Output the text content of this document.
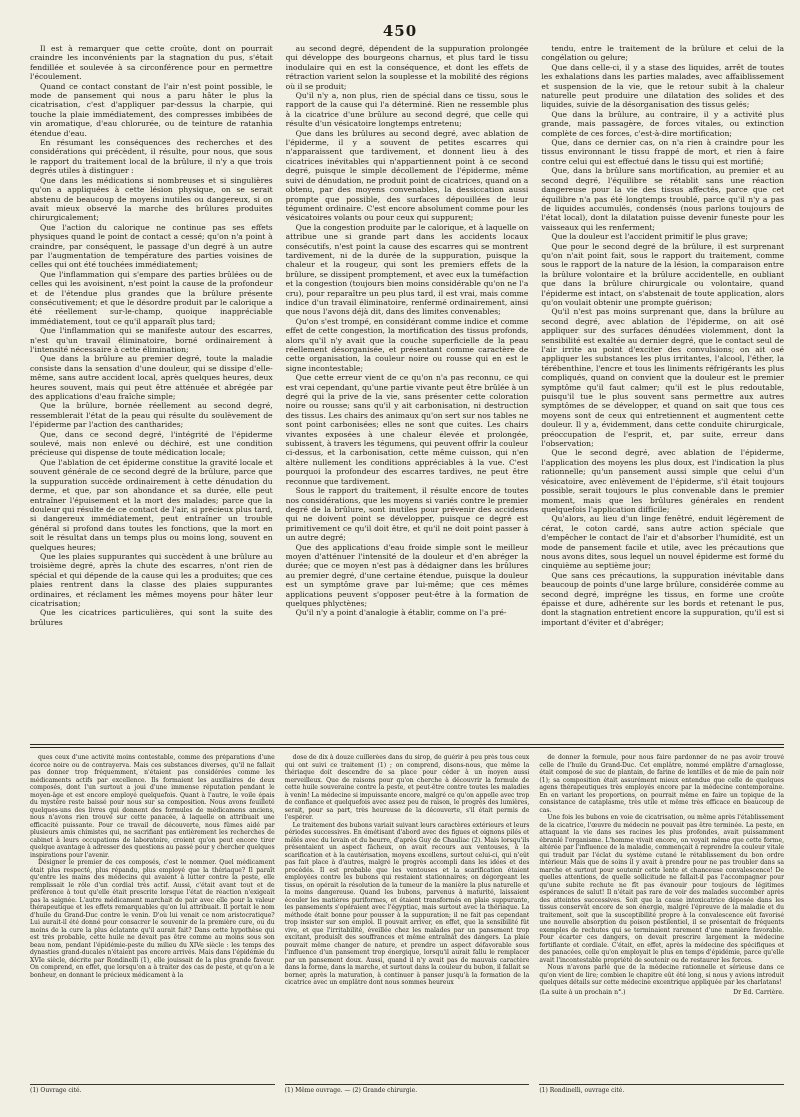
450

Il est à remarquer que cette croûte, dont on pourrait craindre les inconvénients par la stagnation du pus, s'était fendillée et soulevée à sa circonférence pour en permettre l'écoulement.

Quand ce contact constant de l'air n'est point possible, le mode de pansement qui nous a paru hâter le plus la cicatrisation, c'est d'appliquer par-dessus la charpie, qui touche la plaie immédiatement, des compresses imbibées de vin aromatique, d'eau chlorurée, ou de teinture de ratanhia étendue d'eau.

En résumant les conséquences des recherches et des considérations qui précèdent, il résulte, pour nous, que sous le rapport du traitement local de la brûlure, il n'y a que trois degrés utiles à distinguer :

Que dans les médications si nombreuses et si singulières qu'on a appliquées à cette lésion physique, on se serait abstenu de beaucoup de moyens inutiles ou dangereux, si on avait mieux observé la marche des brûlures produites chirurgicalement;

Que l'action du calorique ne continue pas ses effets physiques quand le point de contact a cessé; qu'on n'a point à craindre, par conséquent, le passage d'un degré à un autre par l'augmentation de température des parties voisines de celles qui ont été touchées immédiatement;

Que l'inflammation qui s'empare des parties brûlées ou de celles qui les avoisinent, n'est point la cause de la profondeur et de l'étendue plus grandes que la brûlure présente consécutivement; et que le désordre produit par le calorique a été réellement sur-le-champ, quoique inappréciable immédiatement, tout ce qu'il apparaît plus tard;

Que l'inflammation qui se manifeste autour des escarres, n'est qu'un travail éliminatoire, borné ordinairement à l'intensité nécessaire à cette élimination;

Que dans la brûlure au premier degré, toute la maladie consiste dans la sensation d'une douleur, qui se dissipe d'elle-même, sans autre accident local, après quelques heures, deux heures souvent, mais qui peut être atténuée et abrégée par des applications d'eau fraîche simple;

Que la brûlure, bornée réellement au second degré, ressemblerait l'état de la peau qui résulte du soulèvement de l'épiderme par l'action des cantharides;

Que, dans ce second degré, l'intégrité de l'épiderme soulevé, mais non enlevé ou déchiré, est une condition précieuse qui dispense de toute médication locale;

Que l'ablation de cet épiderme constitue la gravité locale et souvent générale de ce second degré de la brûlure, parce que la suppuration succède ordinairement à cette dénudation du derme, et que, par son abondance et sa durée, elle peut entraîner l'épuisement et la mort des malades; parce que la douleur qui résulte de ce contact de l'air, si précieux plus tard, si dangereux immédiatement, peut entraîner un trouble général si profond dans toutes les fonctions, que la mort en soit le résultat dans un temps plus ou moins long, souvent en quelques heures;

Que les plaies suppurantes qui succèdent à une brûlure au troisième degré, après la chute des escarres, n'ont rien de spécial et qui dépende de la cause qui les a produites; que ces plaies rentrent dans la classe des plaies suppurantes ordinaires, et réclament les mêmes moyens pour hâter leur cicatrisation;

Que les cicatrices particulières, qui sont la suite des brûlures

au second degré, dépendent de la suppuration prolongée qui développe des bourgeons charnus, et plus tard le tissu inodulaire qui en est la conséquence, et dont les effets de rétraction varient selon la souplesse et la mobilité des régions où il se produit;

Qu'il n'y a, non plus, rien de spécial dans ce tissu, sous le rapport de la cause qui l'a déterminé. Rien ne ressemble plus à la cicatrice d'une brûlure au second degré, que celle qui résulte d'un vésicatoire longtemps entretenu;

Que dans les brûlures au second degré, avec ablation de l'épiderme, il y a souvent de petites escarres qui n'apparaissent que tardivement, et donnent lieu à des cicatrices inévitables qui n'appartiennent point à ce second degré, puisque le simple décollement de l'épiderme, même suivi de dénudation, ne produit point de cicatrices, quand on a obtenu, par des moyens convenables, la dessiccation aussi prompte que possible, des surfaces dépouillées de leur tégument ordinaire. C'est encore absolument comme pour les vésicatoires volants ou pour ceux qui suppurent;

Que la congestion produite par le calorique, et à laquelle on attribue une si grande part dans les accidents locaux consécutifs, n'est point la cause des escarres qui se montrent tardivement, ni de la durée de la suppuration, puisque la chaleur et la rougeur, qui sont les premiers effets de la brûlure, se dissipent promptement, et avec eux la tuméfaction et la congestion (toujours bien moins considérable qu'on ne l'a cru), pour reparaître un peu plus tard, il est vrai, mais comme indice d'un travail éliminatoire, renfermé ordinairement, ainsi que nous l'avons déjà dit, dans des limites convenables;

Qu'on s'est trompé, en considérant comme indice et comme effet de cette congestion, la mortification des tissus profonds, alors qu'il n'y avait que la couche superficielle de la peau réellement désorganisée, et présentant comme caractère de cette organisation, la couleur noire ou rousse qui en est le signe incontestable;

Que cette erreur vient de ce qu'on n'a pas reconnu, ce qui est vrai cependant, qu'une partie vivante peut être brûlée à un degré qui la prive de la vie, sans présenter cette coloration noire ou rousse; sans qu'il y ait carbonisation, ni destruction des tissus. Les chairs des animaux qu'on sert sur nos tables ne sont point carbonisées; elles ne sont que cuites. Les chairs vivantes exposées à une chaleur élevée et prolongée, subissent, à travers les tégumens, qui peuvent offrir la couleur ci-dessus, et la carbonisation, cette même cuisson, qui n'en altère nullement les conditions appréciables à la vue. C'est pourquoi la profondeur des escarres tardives, ne peut être reconnue que tardivement.

Sous le rapport du traitement, il résulte encore de toutes nos considérations, que les moyens si variés contre le premier degré de la brûlure, sont inutiles pour prévenir des accidens qui ne doivent point se développer, puisque ce degré est primitivement ce qu'il doit être, et qu'il ne doit point passer à un autre degré;

Que des applications d'eau froide simple sont le meilleur moyen d'atténuer l'intensité de la douleur et d'en abréger la durée; que ce moyen n'est pas à dédaigner dans les brûlures au premier degré, d'une certaine étendue, puisque la douleur est un symptôme grave par lui-même; que ces mêmes applications peuvent s'opposer peut-être à la formation de quelques phlyctènes;

Qu'il n'y a point d'analogie à établir, comme on l'a pré-

tendu, entre le traitement de la brûlure et celui de la congélation ou gelure;

Que dans celle-ci, il y a stase des liquides, arrêt de toutes les exhalations dans les parties malades, avec affaiblissement et suspension de la vie, que le retour subit à la chaleur naturelle peut produire une dilatation des solides et des liquides, suivie de la désorganisation des tissus gelés;

Que dans la brûlure, au contraire, il y a activité plus grande, mais passagère, de forces vitales, ou extinction complète de ces forces, c'est-à-dire mortification;

Que, dans ce dernier cas, on n'a rien à craindre pour les tissus environnant le tissu frappé de mort, et rien à faire contre celui qui est effectué dans le tissu qui est mortifié;

Que, dans la brûlure sans mortification, au premier et au second degré, l'équilibre se rétablit sans une réaction dangereuse pour la vie des tissus affectés, parce que cet équilibre n'a pas été longtemps troublé, parce qu'il n'y a pas de liquides accumulés, condensés (nous parlons toujours de l'état local), dont la dilatation puisse devenir funeste pour les vaisseaux qui les renferment;

Que la douleur est l'accident primitif le plus grave;

Que pour le second degré de la brûlure, il est surprenant qu'on n'ait point fait, sous le rapport du traitement, comme sous le rapport de la nature de la lésion, la comparaison entre la brûlure volontaire et la brûlure accidentelle, en oubliant que dans la brûlure chirurgicale ou volontaire, quand l'épiderme est intact, on s'abstenait de toute application, alors qu'on voulait obtenir une prompte guérison;

Qu'il n'est pas moins surprenant que, dans la brûlure au second degré, avec ablation de l'épiderme, on ait osé appliquer sur des surfaces dénudées violemment, dont la sensibilité est exaltée au dernier degré, que le contact seul de l'air irrite au point d'exciter des convulsions; on ait osé appliquer les substances les plus irritantes, l'alcool, l'éther, la térébenthine, l'encre et tous les liniments réfrigérants les plus compliqués, quand on convient que la douleur est le premier symptôme qu'il faut calmer; qu'il est le plus redoutable, puisqu'il tue le plus souvent sans permettre aux autres symptômes de se développer, et quand on sait que tous ces moyens sont de ceux qui entretiennent et augmentent cette douleur. Il y a, évidemment, dans cette conduite chirurgicale, préoccupation de l'esprit, et, par suite, erreur dans l'observation;

Que le second degré, avec ablation de l'épiderme, l'application des moyens les plus doux, est l'indication la plus rationnelle; qu'un pansement aussi simple que celui d'un vésicatoire, avec enlèvement de l'épiderme, s'il était toujours possible, serait toujours le plus convenable dans le premier moment, mais que les brûlures générales en rendent quelquefois l'application difficile;

Qu'alors, au lieu d'un linge fenêtré, enduit légèrement de cérat, le coton cardé, sans autre action spéciale que d'empêcher le contact de l'air et d'absorber l'humidité, est un mode de pansement facile et utile, avec les précautions que nous avons dites, sous lequel un nouvel épiderme est formé du cinquième au septième jour;

Que sans ces précautions, la suppuration inévitable dans beaucoup de points d'une large brûlure, considérée comme au second degré, imprégne les tissus, en forme une croûte épaisse et dure, adhérente sur les bords et retenant le pus, dont la stagnation entretient encore la suppuration, qu'il est si important d'éviter et d'abréger;

ques ceux d'une activité moins contestable, comme des préparations d'une écorce noire ou de contrayerva. Mais ces substances diverses, qu'il ne fallait pas donner trop fréquemment, n'étaient pas considérées comme les médicaments actifs par excellence. Ils formaient les auxiliaires de deux composés, dont l'un surtout a joui d'une immense réputation pendant le moyen-âge et est encore employé quelquefois. Quant à l'autre, le voile épais du mystère reste baissé pour nous sur sa composition. Nous avons feuilleté quelques-uns des livres qui donnent des formules de médicamens anciens, nous n'avons rien trouvé sur cette panacée, à laquelle on attribuait une efficacité puissante. Pour ce travail de découverte, nous fûmes aidé par plusieurs amis chimistes qui, ne sacrifiant pas entièrement les recherches de cabinet à leurs occupations de laboratoire, croient qu'on peut encore tirer quelque avantage à adresser des questions au passé pour y chercher quelques inspirations pour l'avenir.

Désigner le premier de ces composés, c'est le nommer. Quel médicament était plus respecté, plus répandu, plus employé que la thériaque? Il paraît qu'entre les mains des médecins qui avaient à lutter contre la peste, elle remplissait le rôle d'un cordial très actif. Aussi, c'était avant tout et de préférence à tout qu'elle était prescrite lorsque l'état de réaction n'exigeait pas la saignée. L'autre médicament marchait de pair avec elle pour la valeur thérapeutique et les effets remarquables qu'on lui attribuait. Il portait le nom d'huile du Grand-Duc contre le venin. D'où lui venait ce nom aristocratique? Lui aurait-il été donné pour consacrer le souvenir de la première cure, ou du moins de la cure la plus éclatante qu'il aurait fait? Dans cette hypothèse qui est très probable, cette huile ne devait pas être comme au moins sous son beau nom, pendant l'épidémie-peste du milieu du XIVe siècle : les temps des dynasties grand-ducales n'étaient pas encore arrivés. Mais dans l'épidémie du XVIe siècle, décrite par Rondinelli (1), elle jouissait de la plus grande faveur. On comprend, en effet, que lorsqu'on a à traiter des cas de peste, et qu'on a le bonheur, en donnant le précieux médicament à la

(1) Ouvrage cité.

dose de dix à douze cuillerées dans du sirop, de guérir à peu près tous ceux qui ont suivi ce traitement (1) ; on comprend, disons-nous, que même la thériaque doit descendre de sa place pour céder à un moyen aussi merveilleux. Que de raisons pour qu'on cherche à découvrir la formule de cette huile souveraine contre la peste, et peut-être contre toutes les maladies à venin! La médecine si impuissante encore, malgré ce qu'on appelle avec trop de confiance et quelquefois avec assez peu de raison, le progrès des lumières, serait, pour sa part, très heureuse de la découverte, s'il était permis de l'espérer.

Le traitement des bubons variait suivant leurs caractères extérieurs et leurs périodes successives. En émétisant d'abord avec des figues et oignons pilés et mêlés avec du levain et du beurre, d'après Guy de Chauliac (2). Mais lorsqu'ils présentaient un aspect fâcheux, on avait recours aux ventouses, à la scarification et à la cautérisation, moyens excellens, surtout celui-ci, qui n'eût pas fait place à d'autres, malgré le progrès accompli dans les idées et des procédés. Il est probable que les ventouses et la scarification étaient employées contre les bubons qui restaient stationnaires; on dégorgeant les tissus, on opérait la résolution de la tumeur de la manière la plus naturelle et la moins dangereuse. Quand les bubons, parvenus à maturité, laissaient écouler les matières puriformes, et étaient transformés en plaie suppurante, les pansements s'opéraient avec l'égyptiac, mais surtout avec la thériaque. La méthode était bonne pour pousser à la suppuration; il ne fait pas cependant trop insister sur son emploi. Il pouvait arriver, en effet, que la sensibilité fût vive, et que l'irritabilité, éveillée chez les malades par un pansement trop excitant, produisît des souffrances et même entraînât des dangers. La plaie pouvait même changer de nature, et prendre un aspect défavorable sous l'influence d'un pansement trop énergique, lorsqu'il aurait fallu le remplacer par un pansement doux. Aussi, quand il n'y avait pas de mauvais caractère dans la forme, dans la marche, et surtout dans la couleur du bubon, il fallait se borner, après la maturation, à continuer à panser jusqu'à la formation de la cicatrice avec un emplâtre dont nous sommes heureux

(1) Même ouvrage. — (2) Grande chirurgie.

de donner la formule, pour nous faire pardonner de ne pas avoir trouvé celle de l'huile du Grand-Duc. Cet emplâtre, nommé emplâtre d'arnaglosse, était composé de suc de plantain, de farine de lentilles et de mie de pain noir (1); sa composition était assurément mieux entendue que celle de quelques agens thérapeutiques très employés encore par la médecine contemporaine. En en variant les proportions, on pourrait même en faire un topique de la consistance de cataplasme, très utile et même très efficace en beaucoup de cas.

Une fois les bubons en voie de cicatrisation, ou même après l'établissement de la cicatrice, l'œuvre du médecin ne pouvait pas être terminée. La peste, en attaquant la vie dans ses racines les plus profondes, avait puissamment ébranlé l'organisme. L'homme vivait encore, on voyait même que cette forme, altérée par l'influence de la maladie, commençait à reprendre la couleur vitale qui traduit par l'éclat du système cutané le rétablissement du bon ordre intérieur. Mais que de soins il y avait à prendre pour ne pas troubler dans sa marche et surtout pour soutenir cette lente et chanceuse convalescence! De quelles attentions, de quelle sollicitude ne fallait-il pas l'accompagner pour qu'une subite rechute ne fît pas évanouir pour toujours de légitimes espérances de salut! Il n'était pas rare de voir des malades succomber après des atteintes successives. Soit que la cause intoxicatrice déposée dans les tissus conservât encore de son énergie, malgré l'épreuve de la maladie et du traitement, soit que la susceptibilité propre à la convalescence eût favorisé une nouvelle absorption du poison pestilentiel, il se présentait de fréquents exemples de rechutes qui se terminaient rarement d'une manière favorable. Pour écarter ces dangers, on devait prescrire largement la médecine fortifiante et cordiale. C'était, en effet, après la médecine des spécifiques et des panacées, celle qu'on employait le plus en temps d'épidémie, parce qu'elle avait l'incontestable propriété de soutenir ou de restaurer les forces.

Nous n'avons parlé que de la médecine rationnelle et sérieuse dans ce qu'on vient de lire; combien le chapitre eût été long, si nous y avions introduit quelques détails sur cette médecine excentrique appliquée par les charlatans!

(La suite à un prochain n°.)	Dr Ed. Carrière.
(1) Rondinelli, ouvrage cité.
